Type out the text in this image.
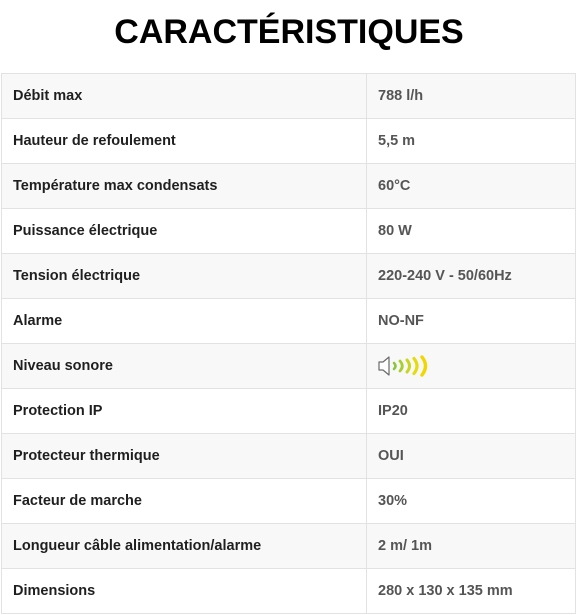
CARACTÉRISTIQUES
Débit max	788 l/h
Hauteur de refoulement	5,5 m
Température max condensats	60°C
Puissance électrique	80 W
Tension électrique	220-240 V - 50/60Hz
Alarme	NO-NF
Niveau sonore	
Protection IP	IP20
Protecteur thermique	OUI
Facteur de marche	30%
Longueur câble alimentation/alarme	2 m/ 1m
Dimensions	280 x 130 x 135 mm
